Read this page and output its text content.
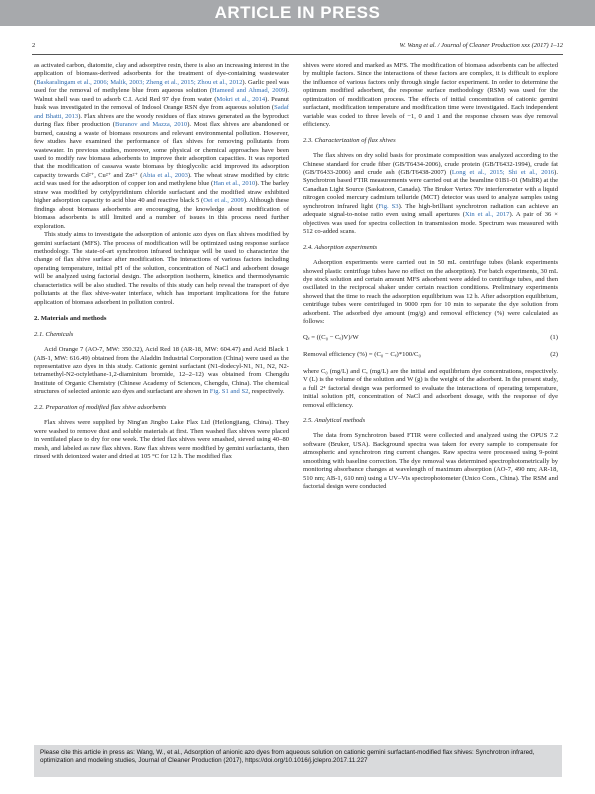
ARTICLE IN PRESS
2	W. Wang et al. / Journal of Cleaner Production xxx (2017) 1–12

as activated carbon, diatomite, clay and adsorptive resin, there is also an increasing interest in the application of biomass-derived adsorbents for the treatment of dye-containing wastewater (Baskaralingam et al., 2006; Malik, 2003; Zheng et al., 2015; Zhou et al., 2012). Garlic peel was used for the removal of methylene blue from aqueous solution (Hameed and Ahmad, 2009). Walnut shell was used to adsorb C.I. Acid Red 97 dye from water (Mokri et al., 2014). Peanut husk was investigated in the removal of Indosol Orange RSN dye from aqueous solution (Sadaf and Bhatti, 2013). Flax shives are the woody residues of flax straws generated as the byproduct during flax fiber production (Buranov and Mazza, 2010). Most flax shives are abandoned or burned, causing a waste of biomass resources and relevant environmental pollution. However, few studies have examined the performance of flax shives for removing pollutants from wastewater. In previous studies, moreover, some physical or chemical approaches have been used to modify raw biomass adsorbents to improve their adsorption capacities. It was reported that the modification of cassava waste biomass by thioglycolic acid improved its adsorption capacity towards Cd²⁺, Cu²⁺ and Zn²⁺ (Abia et al., 2003). The wheat straw modified by citric acid was used for the adsorption of copper ion and methylene blue (Han et al., 2010). The barley straw was modified by cetylpyridinium chloride surfactant and the modified straw exhibited higher adsorption capacity to acid blue 40 and reactive black 5 (Oei et al., 2009). Although these findings about biomass adsorbents are encouraging, the knowledge about modification of biomass adsorbents is still limited and a number of issues in this process need further exploration.

This study aims to investigate the adsorption of anionic azo dyes on flax shives modified by gemini surfactant (MFS). The process of modification will be optimized using response surface methodology. The state-of-art synchrotron infrared technique will be used to characterize the change of flax shive surface after modification. The interactions of various factors including operating temperature, initial pH of the solution, concentration of NaCl and adsorbent dosage will be analyzed using factorial design. The adsorption isotherm, kinetics and thermodynamic characteristics will be also studied. The results of this study can help reveal the transport of dye pollutants at the flax shive-water interface, which has important implications for the future application of biomass adsorbent in pollution control.

2. Materials and methods
2.1. Chemicals

Acid Orange 7 (AO-7, MW: 350.32), Acid Red 18 (AR-18, MW: 604.47) and Acid Black 1 (AB-1, MW: 616.49) obtained from the Aladdin Industrial Corporation (China) were used as the representative azo dyes in this study. Cationic gemini surfactant (N1-dodecyl-N1, N1, N2, N2-tetramethyl-N2-octylethane-1,2-diaminium bromide, 12–2–12) was obtained from Chengdu Institute of Organic Chemistry (Chinese Academy of Sciences, Chengdu, China). The chemical structures of selected anionic azo dyes and surfactant are shown in Fig. S1 and S2, respectively.

2.2. Preparation of modified flax shive adsorbents

Flax shives were supplied by Ning'an Jingbo Lake Flax Ltd (Heilongjiang, China). They were washed to remove dust and soluble materials at first. Then washed flax shives were placed in ventilated place to dry for one week. The dried flax shives were smashed, sieved using 40–80 mesh, and labeled as raw flax shives. Raw flax shives were modified by gemini surfactants, then rinsed with deionized water and dried at 105 °C for 12 h. The modified flax

shives were stored and marked as MFS. The modification of biomass adsorbents can be affected by multiple factors. Since the interactions of these factors are complex, it is difficult to explore the influence of various factors only through single factor experiment. In order to determine the optimum modified adsorbent, the response surface methodology (RSM) was used for the optimization of modification process. The effects of initial concentration of cationic gemini surfactant, modification temperature and modification time were investigated. Each independent variable was coded to three levels of −1, 0 and 1 and the response chosen was dye removal efficiency.

2.3. Characterization of flax shives

The flax shives on dry solid basis for proximate composition was analyzed according to the Chinese standard for crude fiber (GB/T6434-2006), crude protein (GB/T6432-1994), crude fat (GB/T6433-2006) and crude ash (GB/T6438-2007) (Long et al., 2015; Shi et al., 2016). Synchrotron based FTIR measurements were carried out at the beamline 01B1-01 (MidIR) at the Canadian Light Source (Saskatoon, Canada). The Bruker Vertex 70v interferometer with a liquid nitrogen cooled mercury cadmium telluride (MCT) detector was used to analyze samples using synchrotron infrared light (Fig. S3). The high-brilliant synchrotron radiation can achieve an adequate signal-to-noise ratio even using small apertures (Xin et al., 2017). A pair of 36 × objectives was used for spectra collection in transmission mode. Spectrum was measured with 512 co-added scans.

2.4. Adsorption experiments

Adsorption experiments were carried out in 50 mL centrifuge tubes (blank experiments showed plastic centrifuge tubes have no effect on the adsorption). For batch experiments, 30 mL dye stock solution and certain amount MFS adsorbent were added to centrifuge tubes, and then oscillated in the reciprocal shaker under certain reaction conditions. Preliminary experiments showed that the time to reach the adsorption equilibrium was 12 h. After adsorption equilibrium, centrifuge tubes were centrifuged in 9000 rpm for 10 min to separate the dye solution from adsorbent. The adsorbed dye amount (mg/g) and removal efficiency (%) were calculated as follows:

Qₑ = ((C₀ − Cₑ)V)/W	(1)
Removal efficiency (%) = (C₀ − Cₑ)*100/C₀	(2)

where C₀ (mg/L) and Cₑ (mg/L) are the initial and equilibrium dye concentrations, respectively. V (L) is the volume of the solution and W (g) is the weight of the adsorbent. In the present study, a full 2⁴ factorial design was performed to evaluate the interactions of operating temperature, initial solution pH, concentration of NaCl and adsorbent dosage, with the response of dye removal efficiency.

2.5. Analytical methods

The data from Synchrotron based FTIR were collected and analyzed using the OPUS 7.2 software (Bruker, USA). Background spectra was taken for every sample to compensate for atmospheric and synchrotron ring current changes. Raw spectra were processed using 9-point smoothing with baseline correction. The dye removal was determined spectrophotometrically by monitoring absorbance changes at wavelength of maximum absorption (AO-7, 490 nm; AR-18, 510 nm; AB-1, 610 nm) using a UV–Vis spectrophotometer (Unico Com., China). The RSM and factorial design were conducted

Please cite this article in press as: Wang, W., et al., Adsorption of anionic azo dyes from aqueous solution on cationic gemini surfactant-modified flax shives: Synchrotron infrared, optimization and modeling studies, Journal of Cleaner Production (2017), https://doi.org/10.1016/j.jclepro.2017.11.227
